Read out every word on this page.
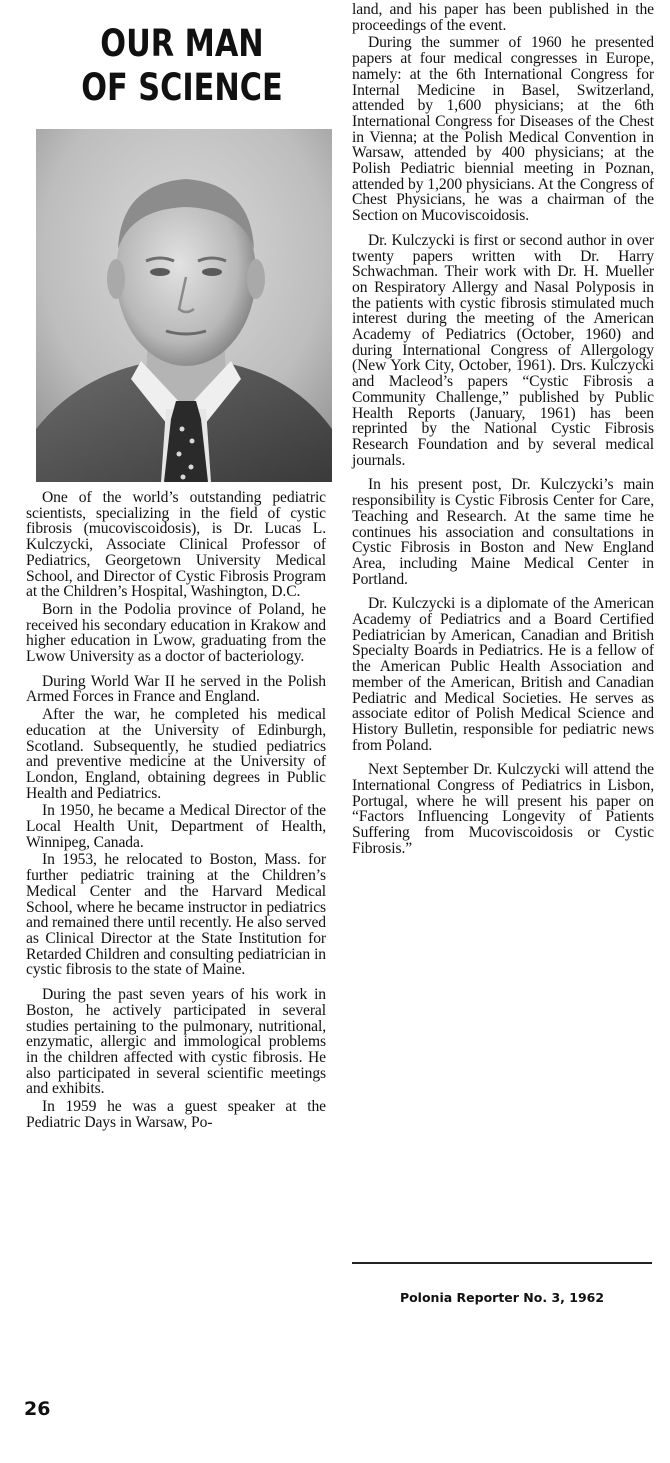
OUR MAN
OF SCIENCE

One of the world’s outstanding pediatric scientists, specializing in the field of cystic fibrosis (mucoviscoidosis), is Dr. Lucas L. Kulczycki, Associate Clinical Professor of Pediatrics, Georgetown University Medical School, and Director of Cystic Fibrosis Program at the Children’s Hospital, Washington, D.C.

Born in the Podolia province of Poland, he received his secondary education in Krakow and higher education in Lwow, graduating from the Lwow University as a doctor of bacteriology.

During World War II he served in the Polish Armed Forces in France and England.

After the war, he completed his medical education at the University of Edinburgh, Scotland. Subsequently, he studied pediatrics and preventive medicine at the University of London, England, obtaining degrees in Public Health and Pediatrics.

In 1950, he became a Medical Director of the Local Health Unit, Department of Health, Winnipeg, Canada.

In 1953, he relocated to Boston, Mass. for further pediatric training at the Children’s Medical Center and the Harvard Medical School, where he became instructor in pediatrics and remained there until recently. He also served as Clinical Director at the State Institution for Retarded Children and consulting pediatrician in cystic fibrosis to the state of Maine.

During the past seven years of his work in Boston, he actively participated in several studies pertaining to the pulmonary, nutritional, enzymatic, allergic and immological problems in the children affected with cystic fibrosis. He also participated in several scientific meetings and exhibits.

In 1959 he was a guest speaker at the Pediatric Days in Warsaw, Po-

land, and his paper has been published in the proceedings of the event.

During the summer of 1960 he presented papers at four medical congresses in Europe, namely: at the 6th International Congress for Internal Medicine in Basel, Switzerland, attended by 1,600 physicians; at the 6th International Congress for Diseases of the Chest in Vienna; at the Polish Medical Convention in Warsaw, attended by 400 physicians; at the Polish Pediatric biennial meeting in Poznan, attended by 1,200 physicians. At the Congress of Chest Physicians, he was a chairman of the Section on Mucoviscoidosis.

Dr. Kulczycki is first or second author in over twenty papers written with Dr. Harry Schwachman. Their work with Dr. H. Mueller on Respiratory Allergy and Nasal Polyposis in the patients with cystic fibrosis stimulated much interest during the meeting of the American Academy of Pediatrics (October, 1960) and during International Congress of Allergology (New York City, October, 1961). Drs. Kulczycki and Macleod’s papers “Cystic Fibrosis a Community Challenge,” published by Public Health Reports (January, 1961) has been reprinted by the National Cystic Fibrosis Research Foundation and by several medical journals.

In his present post, Dr. Kulczycki’s main responsibility is Cystic Fibrosis Center for Care, Teaching and Research. At the same time he continues his association and consultations in Cystic Fibrosis in Boston and New England Area, including Maine Medical Center in Portland.

Dr. Kulczycki is a diplomate of the American Academy of Pediatrics and a Board Certified Pediatrician by American, Canadian and British Specialty Boards in Pediatrics. He is a fellow of the American Public Health Association and member of the American, British and Canadian Pediatric and Medical Societies. He serves as associate editor of Polish Medical Science and History Bulletin, responsible for pediatric news from Poland.

Next September Dr. Kulczycki will attend the International Congress of Pediatrics in Lisbon, Portugal, where he will present his paper on “Factors Influencing Longevity of Patients Suffering from Mucoviscoidosis or Cystic Fibrosis.”

Polonia Reporter No. 3, 1962
26
